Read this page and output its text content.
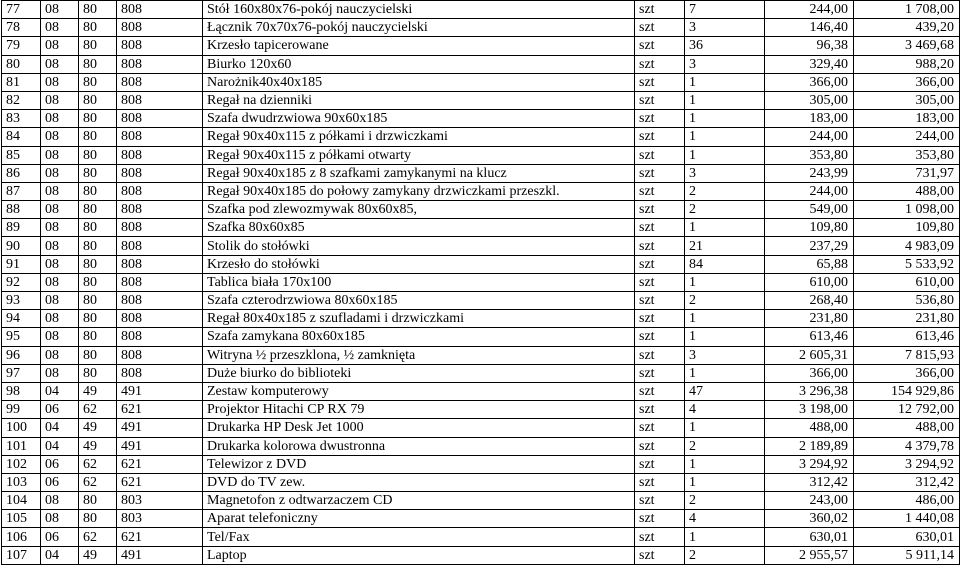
77	08	80	808	Stół 160x80x76-pokój nauczycielski	szt	7	244,00	1 708,00
78	08	80	808	Łącznik 70x70x76-pokój nauczycielski	szt	3	146,40	439,20
79	08	80	808	Krzesło tapicerowane	szt	36	96,38	3 469,68
80	08	80	808	Biurko 120x60	szt	3	329,40	988,20
81	08	80	808	Narożnik40x40x185	szt	1	366,00	366,00
82	08	80	808	Regał na dzienniki	szt	1	305,00	305,00
83	08	80	808	Szafa dwudrzwiowa 90x60x185	szt	1	183,00	183,00
84	08	80	808	Regał 90x40x115 z półkami i drzwiczkami	szt	1	244,00	244,00
85	08	80	808	Regał 90x40x115 z półkami otwarty	szt	1	353,80	353,80
86	08	80	808	Regał 90x40x185 z 8 szafkami zamykanymi na klucz	szt	3	243,99	731,97
87	08	80	808	Regał 90x40x185 do połowy zamykany drzwiczkami przeszkl.	szt	2	244,00	488,00
88	08	80	808	Szafka pod zlewozmywak 80x60x85,	szt	2	549,00	1 098,00
89	08	80	808	Szafka 80x60x85	szt	1	109,80	109,80
90	08	80	808	Stolik do stołówki	szt	21	237,29	4 983,09
91	08	80	808	Krzesło do stołówki	szt	84	65,88	5 533,92
92	08	80	808	Tablica biała 170x100	szt	1	610,00	610,00
93	08	80	808	Szafa czterodrzwiowa 80x60x185	szt	2	268,40	536,80
94	08	80	808	Regał 80x40x185 z szufladami i drzwiczkami	szt	1	231,80	231,80
95	08	80	808	Szafa zamykana 80x60x185	szt	1	613,46	613,46
96	08	80	808	Witryna ½ przeszklona, ½ zamknięta	szt	3	2 605,31	7 815,93
97	08	80	808	Duże biurko do biblioteki	szt	1	366,00	366,00
98	04	49	491	Zestaw komputerowy	szt	47	3 296,38	154 929,86
99	06	62	621	Projektor Hitachi CP RX 79	szt	4	3 198,00	12 792,00
100	04	49	491	Drukarka HP Desk Jet 1000	szt	1	488,00	488,00
101	04	49	491	Drukarka kolorowa dwustronna	szt	2	2 189,89	4 379,78
102	06	62	621	Telewizor z DVD	szt	1	3 294,92	3 294,92
103	06	62	621	DVD do TV zew.	szt	1	312,42	312,42
104	08	80	803	Magnetofon z odtwarzaczem CD	szt	2	243,00	486,00
105	08	80	803	Aparat telefoniczny	szt	4	360,02	1 440,08
106	06	62	621	Tel/Fax	szt	1	630,01	630,01
107	04	49	491	Laptop	szt	2	2 955,57	5 911,14
